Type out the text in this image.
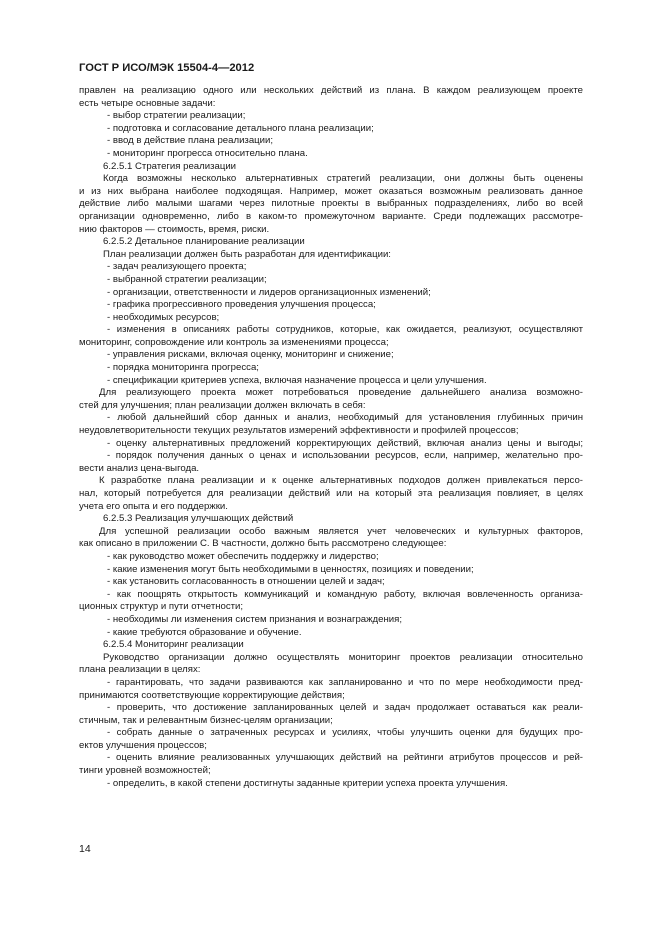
ГОСТ Р ИСО/МЭК 15504-4—2012

правлен на реализацию одного или нескольких действий из плана. В каждом реализующем проекте

есть четыре основные задачи:

- выбор стратегии реализации;

- подготовка и согласование детального плана реализации;

- ввод в действие плана реализации;

- мониторинг прогресса относительно плана.

6.2.5.1 Стратегия реализации

Когда возможны несколько альтернативных стратегий реализации, они должны быть оценены

и из них выбрана наиболее подходящая. Например, может оказаться возможным реализовать данное

действие либо малыми шагами через пилотные проекты в выбранных подразделениях, либо во всей

организации одновременно, либо в каком-то промежуточном варианте. Среди подлежащих рассмотре-

нию факторов — стоимость, время, риски.

6.2.5.2 Детальное планирование реализации

План реализации должен быть разработан для идентификации:

- задач реализующего проекта;

- выбранной стратегии реализации;

- организации, ответственности и лидеров организационных изменений;

- графика прогрессивного проведения улучшения процесса;

- необходимых ресурсов;

- изменения в описаниях работы сотрудников, которые, как ожидается, реализуют, осуществляют

мониторинг, сопровождение или контроль за изменениями процесса;

- управления рисками, включая оценку, мониторинг и снижение;

- порядка мониторинга прогресса;

- спецификации критериев успеха, включая назначение процесса и цели улучшения.

Для реализующего проекта может потребоваться проведение дальнейшего анализа возможно-

стей для улучшения; план реализации должен включать в себя:

- любой дальнейший сбор данных и анализ, необходимый для установления глубинных причин

неудовлетворительности текущих результатов измерений эффективности и профилей процессов;

- оценку альтернативных предложений корректирующих действий, включая анализ цены и выгоды;

- порядок получения данных о ценах и использовании ресурсов, если, например, желательно про-

вести анализ цена-выгода.

К разработке плана реализации и к оценке альтернативных подходов должен привлекаться персо-

нал, который потребуется для реализации действий или на который эта реализация повлияет, в целях

учета его опыта и его поддержки.

6.2.5.3 Реализация улучшающих действий

Для успешной реализации особо важным является учет человеческих и культурных факторов,

как описано в приложении С. В частности, должно быть рассмотрено следующее:

- как руководство может обеспечить поддержку и лидерство;

- какие изменения могут быть необходимыми в ценностях, позициях и поведении;

- как установить согласованность в отношении целей и задач;

- как поощрять открытость коммуникаций и командную работу, включая вовлеченность организа-

ционных структур и пути отчетности;

- необходимы ли изменения систем признания и вознаграждения;

- какие требуются образование и обучение.

6.2.5.4 Мониторинг реализации

Руководство организации должно осуществлять мониторинг проектов реализации относительно

плана реализации в целях:

- гарантировать, что задачи развиваются как запланированно и что по мере необходимости пред-

принимаются соответствующие корректирующие действия;

- проверить, что достижение запланированных целей и задач продолжает оставаться как реали-

стичным, так и релевантным бизнес-целям организации;

- собрать данные о затраченных ресурсах и усилиях, чтобы улучшить оценки для будущих про-

ектов улучшения процессов;

- оценить влияние реализованных улучшающих действий на рейтинги атрибутов процессов и рей-

тинги уровней возможностей;

- определить, в какой степени достигнуты заданные критерии успеха проекта улучшения.

14
